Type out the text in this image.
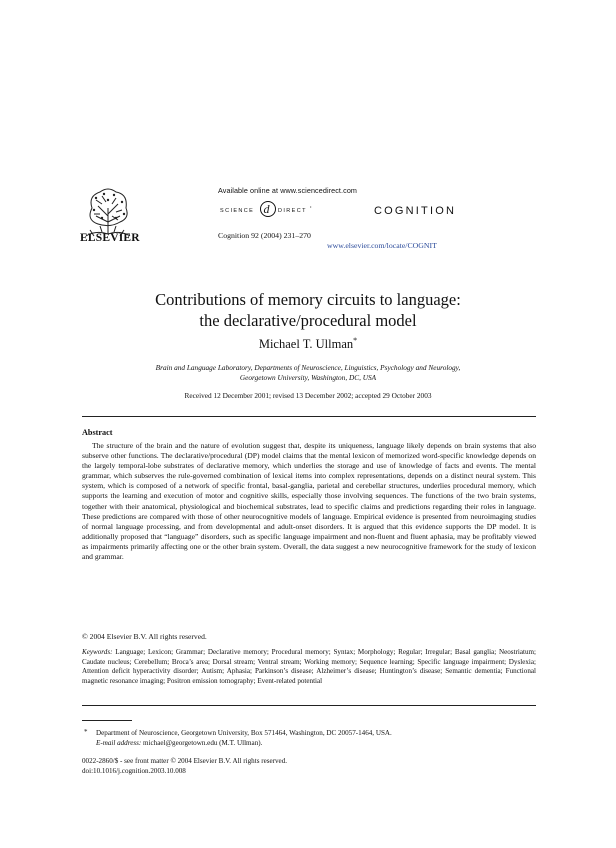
ELSEVIER
Available online at www.sciencedirect.com
SCIENCE d DIRECT
•	COGNITION
Cognition 92 (2004) 231–270
www.elsevier.com/locate/COGNIT
Contributions of memory circuits to language:
the declarative/procedural model
Michael T. Ullman*
Brain and Language Laboratory, Departments of Neuroscience, Linguistics, Psychology and Neurology,
Georgetown University, Washington, DC, USA
Received 12 December 2001; revised 13 December 2002; accepted 29 October 2003
Abstract
The structure of the brain and the nature of evolution suggest that, despite its uniqueness, language likely depends on brain systems that also subserve other functions. The declarative/procedural (DP) model claims that the mental lexicon of memorized word-specific knowledge depends on the largely temporal-lobe substrates of declarative memory, which underlies the storage and use of knowledge of facts and events. The mental grammar, which subserves the rule-governed combination of lexical items into complex representations, depends on a distinct neural system. This system, which is composed of a network of specific frontal, basal-ganglia, parietal and cerebellar structures, underlies procedural memory, which supports the learning and execution of motor and cognitive skills, especially those involving sequences. The functions of the two brain systems, together with their anatomical, physiological and biochemical substrates, lead to specific claims and predictions regarding their roles in language. These predictions are compared with those of other neurocognitive models of language. Empirical evidence is presented from neuroimaging studies of normal language processing, and from developmental and adult-onset disorders. It is argued that this evidence supports the DP model. It is additionally proposed that “language” disorders, such as specific language impairment and non-fluent and fluent aphasia, may be profitably viewed as impairments primarily affecting one or the other brain system. Overall, the data suggest a new neurocognitive framework for the study of lexicon and grammar.
© 2004 Elsevier B.V. All rights reserved.
Keywords: Language; Lexicon; Grammar; Declarative memory; Procedural memory; Syntax; Morphology; Regular; Irregular; Basal ganglia; Neostriatum; Caudate nucleus; Cerebellum; Broca’s area; Dorsal stream; Ventral stream; Working memory; Sequence learning; Specific language impairment; Dyslexia; Attention deficit hyperactivity disorder; Autism; Aphasia; Parkinson’s disease; Alzheimer’s disease; Huntington’s disease; Semantic dementia; Functional magnetic resonance imaging; Positron emission tomography; Event-related potential
* Department of Neuroscience, Georgetown University, Box 571464, Washington, DC 20057-1464, USA.
E-mail address: michael@georgetown.edu (M.T. Ullman).
0022-2860/$ - see front matter © 2004 Elsevier B.V. All rights reserved.
doi:10.1016/j.cognition.2003.10.008
